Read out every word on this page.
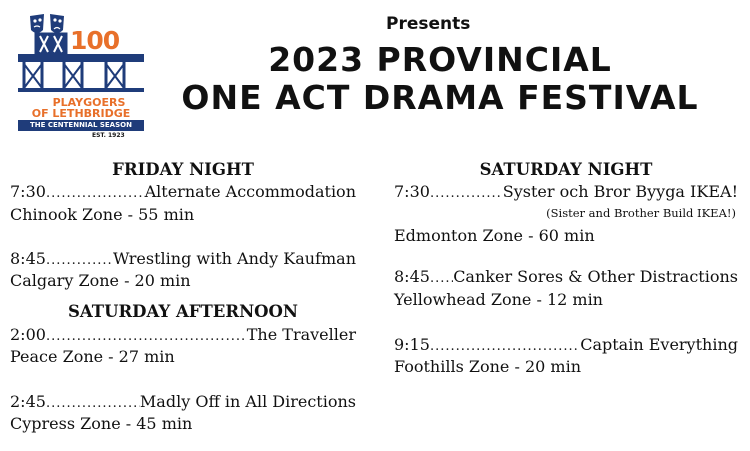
100
PLAYGOERS
OF LETHBRIDGE
THE CENTENNIAL SEASON
EST. 1923
Presents
2023 PROVINCIAL
ONE ACT DRAMA FESTIVAL
FRIDAY NIGHT
7:30 .....	Alternate Accommodation
Chinook Zone - 55 min
8:45 .....	Wrestling with Andy Kaufman
Calgary Zone - 20 min
SATURDAY AFTERNOON
2:00 .....	The Traveller
Peace Zone - 27 min
2:45 .....	Madly Off in All Directions
Cypress Zone - 45 min
SATURDAY NIGHT
7:30 .....	Syster och Bror Byyga IKEA!
(Sister and Brother Build IKEA!)
Edmonton Zone - 60 min
8:45 ..... Canker Sores & Other Distractions
Yellowhead Zone - 12 min
9:15 .....	Captain Everything
Foothills Zone - 20 min
